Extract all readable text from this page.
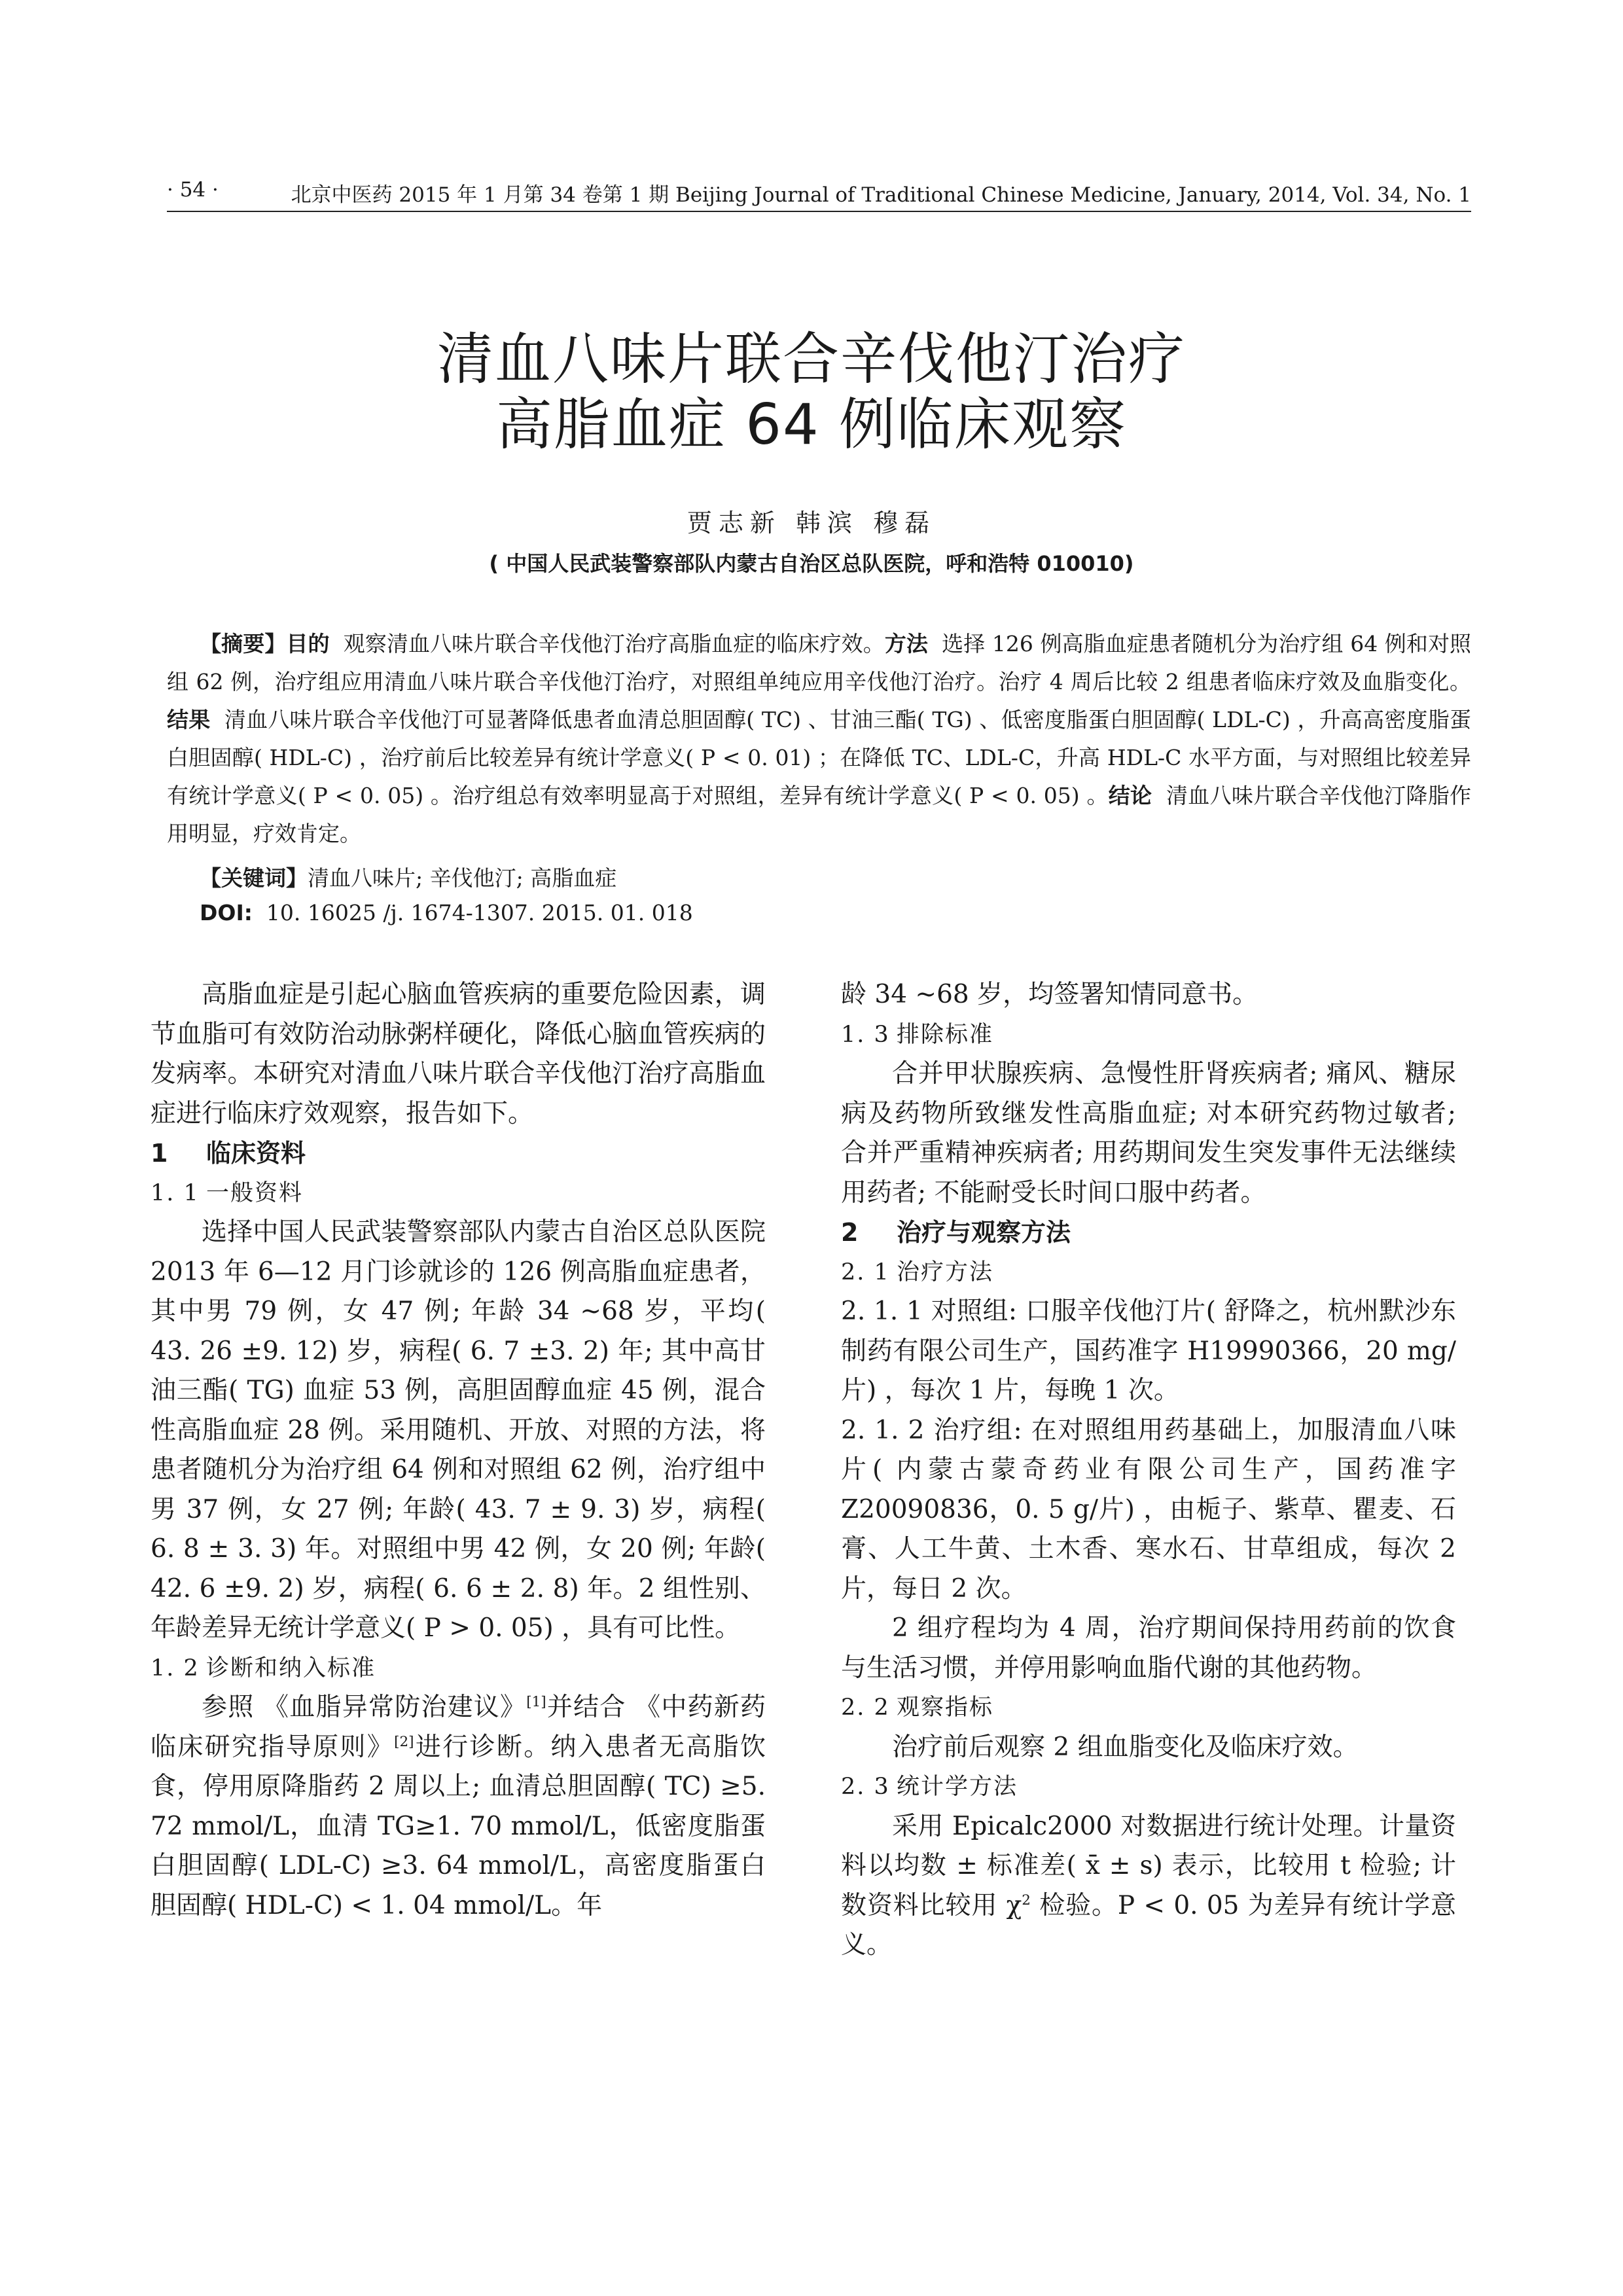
· 54 ·	北京中医药 2015 年 1 月第 34 卷第 1 期 Beijing Journal of Traditional Chinese Medicine, January, 2014, Vol. 34, No. 1
清血八味片联合辛伐他汀治疗
高脂血症 64 例临床观察
贾志新 韩滨 穆磊
( 中国人民武装警察部队内蒙古自治区总队医院，呼和浩特 010010)
【摘要】目的 观察清血八味片联合辛伐他汀治疗高脂血症的临床疗效。方法 选择 126 例高脂血症患者随机分为治疗组 64 例和对照组 62 例，治疗组应用清血八味片联合辛伐他汀治疗，对照组单纯应用辛伐他汀治疗。治疗 4 周后比较 2 组患者临床疗效及血脂变化。结果 清血八味片联合辛伐他汀可显著降低患者血清总胆固醇( TC) 、甘油三酯( TG) 、低密度脂蛋白胆固醇( LDL-C) ，升高高密度脂蛋白胆固醇( HDL-C) ，治疗前后比较差异有统计学意义( P < 0. 01) ；在降低 TC、LDL-C，升高 HDL-C 水平方面，与对照组比较差异有统计学意义( P < 0. 05) 。治疗组总有效率明显高于对照组，差异有统计学意义( P < 0. 05) 。结论 清血八味片联合辛伐他汀降脂作用明显，疗效肯定。
【关键词】清血八味片; 辛伐他汀; 高脂血症
DOI: 10. 16025 /j. 1674-1307. 2015. 01. 018

高脂血症是引起心脑血管疾病的重要危险因素，调节血脂可有效防治动脉粥样硬化，降低心脑血管疾病的发病率。本研究对清血八味片联合辛伐他汀治疗高脂血症进行临床疗效观察，报告如下。

1 临床资料

1. 1 一般资料

选择中国人民武装警察部队内蒙古自治区总队医院 2013 年 6—12 月门诊就诊的 126 例高脂血症患者，其中男 79 例，女 47 例; 年龄 34 ~68 岁，平均( 43. 26 ±9. 12) 岁，病程( 6. 7 ±3. 2) 年; 其中高甘油三酯( TG) 血症 53 例，高胆固醇血症 45 例，混合性高脂血症 28 例。采用随机、开放、对照的方法，将患者随机分为治疗组 64 例和对照组 62 例，治疗组中男 37 例，女 27 例; 年龄( 43. 7 ± 9. 3) 岁，病程( 6. 8 ± 3. 3) 年。对照组中男 42 例，女 20 例; 年龄( 42. 6 ±9. 2) 岁，病程( 6. 6 ± 2. 8) 年。2 组性别、年龄差异无统计学意义( P > 0. 05) ，具有可比性。

1. 2 诊断和纳入标准

参照 《血脂异常防治建议》[1]并结合 《中药新药临床研究指导原则》[2]进行诊断。纳入患者无高脂饮食，停用原降脂药 2 周以上; 血清总胆固醇( TC) ≥5. 72 mmol/L，血清 TG≥1. 70 mmol/L，低密度脂蛋白胆固醇( LDL-C) ≥3. 64 mmol/L，高密度脂蛋白胆固醇( HDL-C) < 1. 04 mmol/L。年

龄 34 ~68 岁，均签署知情同意书。

1. 3 排除标准

合并甲状腺疾病、急慢性肝肾疾病者; 痛风、糖尿病及药物所致继发性高脂血症; 对本研究药物过敏者; 合并严重精神疾病者; 用药期间发生突发事件无法继续用药者; 不能耐受长时间口服中药者。

2 治疗与观察方法

2. 1 治疗方法

2. 1. 1 对照组: 口服辛伐他汀片( 舒降之，杭州默沙东制药有限公司生产，国药准字 H19990366，20 mg/片) ，每次 1 片，每晚 1 次。

2. 1. 2 治疗组: 在对照组用药基础上，加服清血八味片( 内蒙古蒙奇药业有限公司生产，国药准字 Z20090836，0. 5 g/片) ，由栀子、紫草、瞿麦、石膏、人工牛黄、土木香、寒水石、甘草组成，每次 2 片，每日 2 次。

2 组疗程均为 4 周，治疗期间保持用药前的饮食与生活习惯，并停用影响血脂代谢的其他药物。

2. 2 观察指标

治疗前后观察 2 组血脂变化及临床疗效。

2. 3 统计学方法

采用 Epicalc2000 对数据进行统计处理。计量资料以均数 ± 标准差( x̄ ± s) 表示，比较用 t 检验; 计数资料比较用 $\chi^2$ 检验。P < 0. 05 为差异有统计学意义。
